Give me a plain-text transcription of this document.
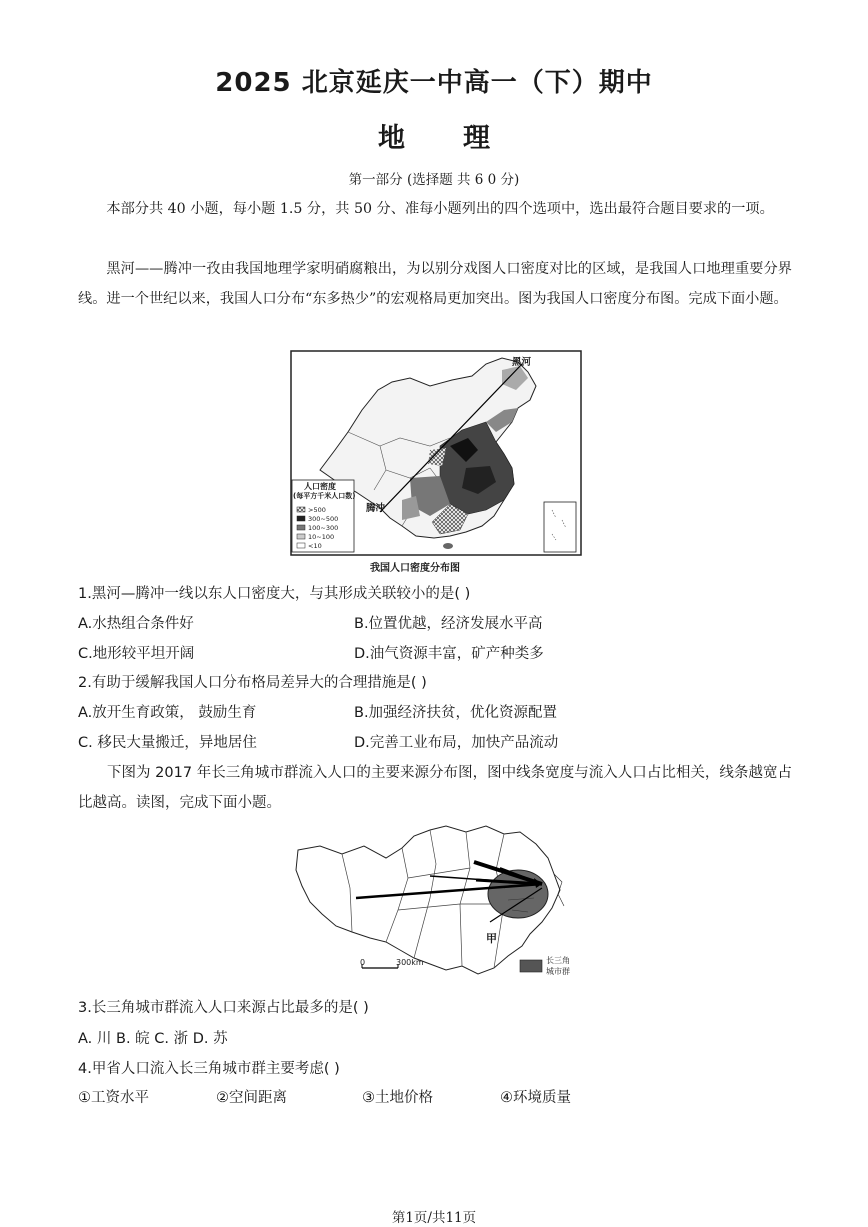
2025 北京延庆一中高一（下）期中
地 理
第一部分 (选择题 共 6 0 分)
本部分共 40 小题，每小题 1.5 分，共 50 分、准每小题列出的四个选项中，选出最符合题目要求的一项。
黑河——腾冲一孜由我国地理学家明硝腐粮出，为以别分戏图人口密度对比的区域，是我国人口地理重要分界线。进一个世纪以来，我国人口分布“东多热少”的宏观格局更加突出。图为我国人口密度分布图。完成下面小题。
黑河
腾冲
人口密度
(每平方千米人口数)
>500
300~500
100~300
10~100
<10
我国人口密度分布图
1.黑河—腾冲一线以东人口密度大，与其形成关联较小的是( )
A.水热组合条件好	B.位置优越，经济发展水平高
C.地形较平坦开阔	D.油气资源丰富，矿产种类多
2.有助于缓解我国人口分布格局差异大的合理措施是( )
A.放开生育政策， 鼓励生育	B.加强经济扶贫，优化资源配置
C. 移民大量搬迁，异地居住	D.完善工业布局，加快产品流动
下图为 2017 年长三角城市群流入人口的主要来源分布图，图中线条宽度与流入人口占比相关，线条越宽占比越高。读图，完成下面小题。
甲
0	300km	长三角
城市群
3.长三角城市群流入人口来源占比最多的是( )
A. 川 B. 皖 C. 浙 D. 苏
4.甲省人口流入长三角城市群主要考虑( )
①工资水平	②空间距离	③土地价格	④环境质量
第1页/共11页
